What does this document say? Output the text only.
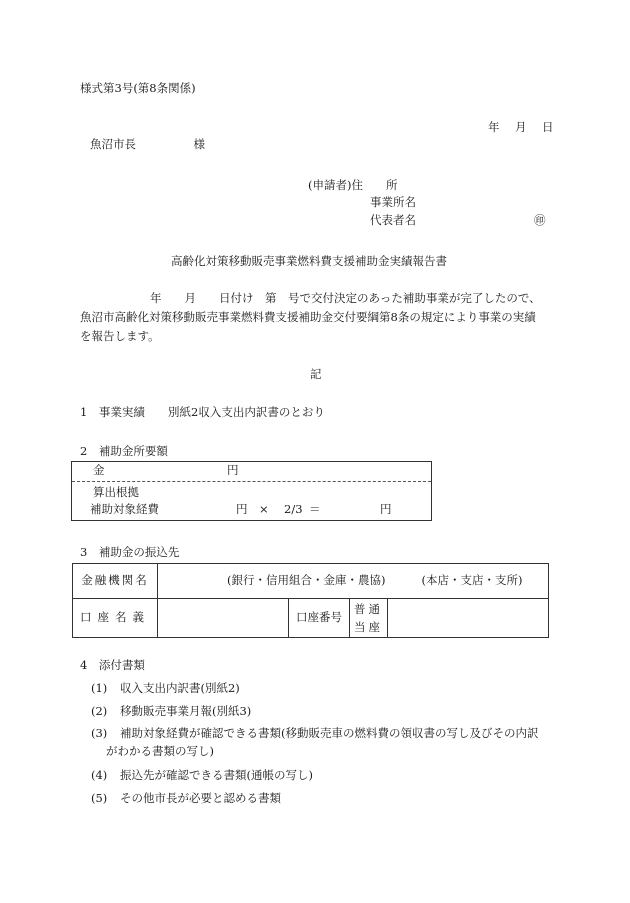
様式第3号(第8条関係)
年　月　日
魚沼市長　　　　　様
(申請者)住　　所
事業所名
代表者名	㊞
高齢化対策移動販売事業燃料費支援補助金実績報告書
年　　月　　日付け　第　号で交付決定のあった補助事業が完了したので、
魚沼市高齢化対策移動販売事業燃料費支援補助金交付要綱第8条の規定により事業の実績
を報告します。
記
1　事業実績 別紙2収入支出内訳書のとおり
2　補助金所要額
金	円
算出根拠
補助対象経費	円 × 2/3 ＝	円
3　補助金の振込先
金融機関名	(銀行・信用組合・金庫・農協) (本店・支店・支所)			
口座名義		口座番号	普通
当座	

4　添付書類
(1) 収入支出内訳書(別紙2)
(2) 移動販売事業月報(別紙3)
(3) 補助対象経費が確認できる書類(移動販売車の燃料費の領収書の写し及びその内訳
がわかる書類の写し)
(4) 振込先が確認できる書類(通帳の写し)
(5) その他市長が必要と認める書類
